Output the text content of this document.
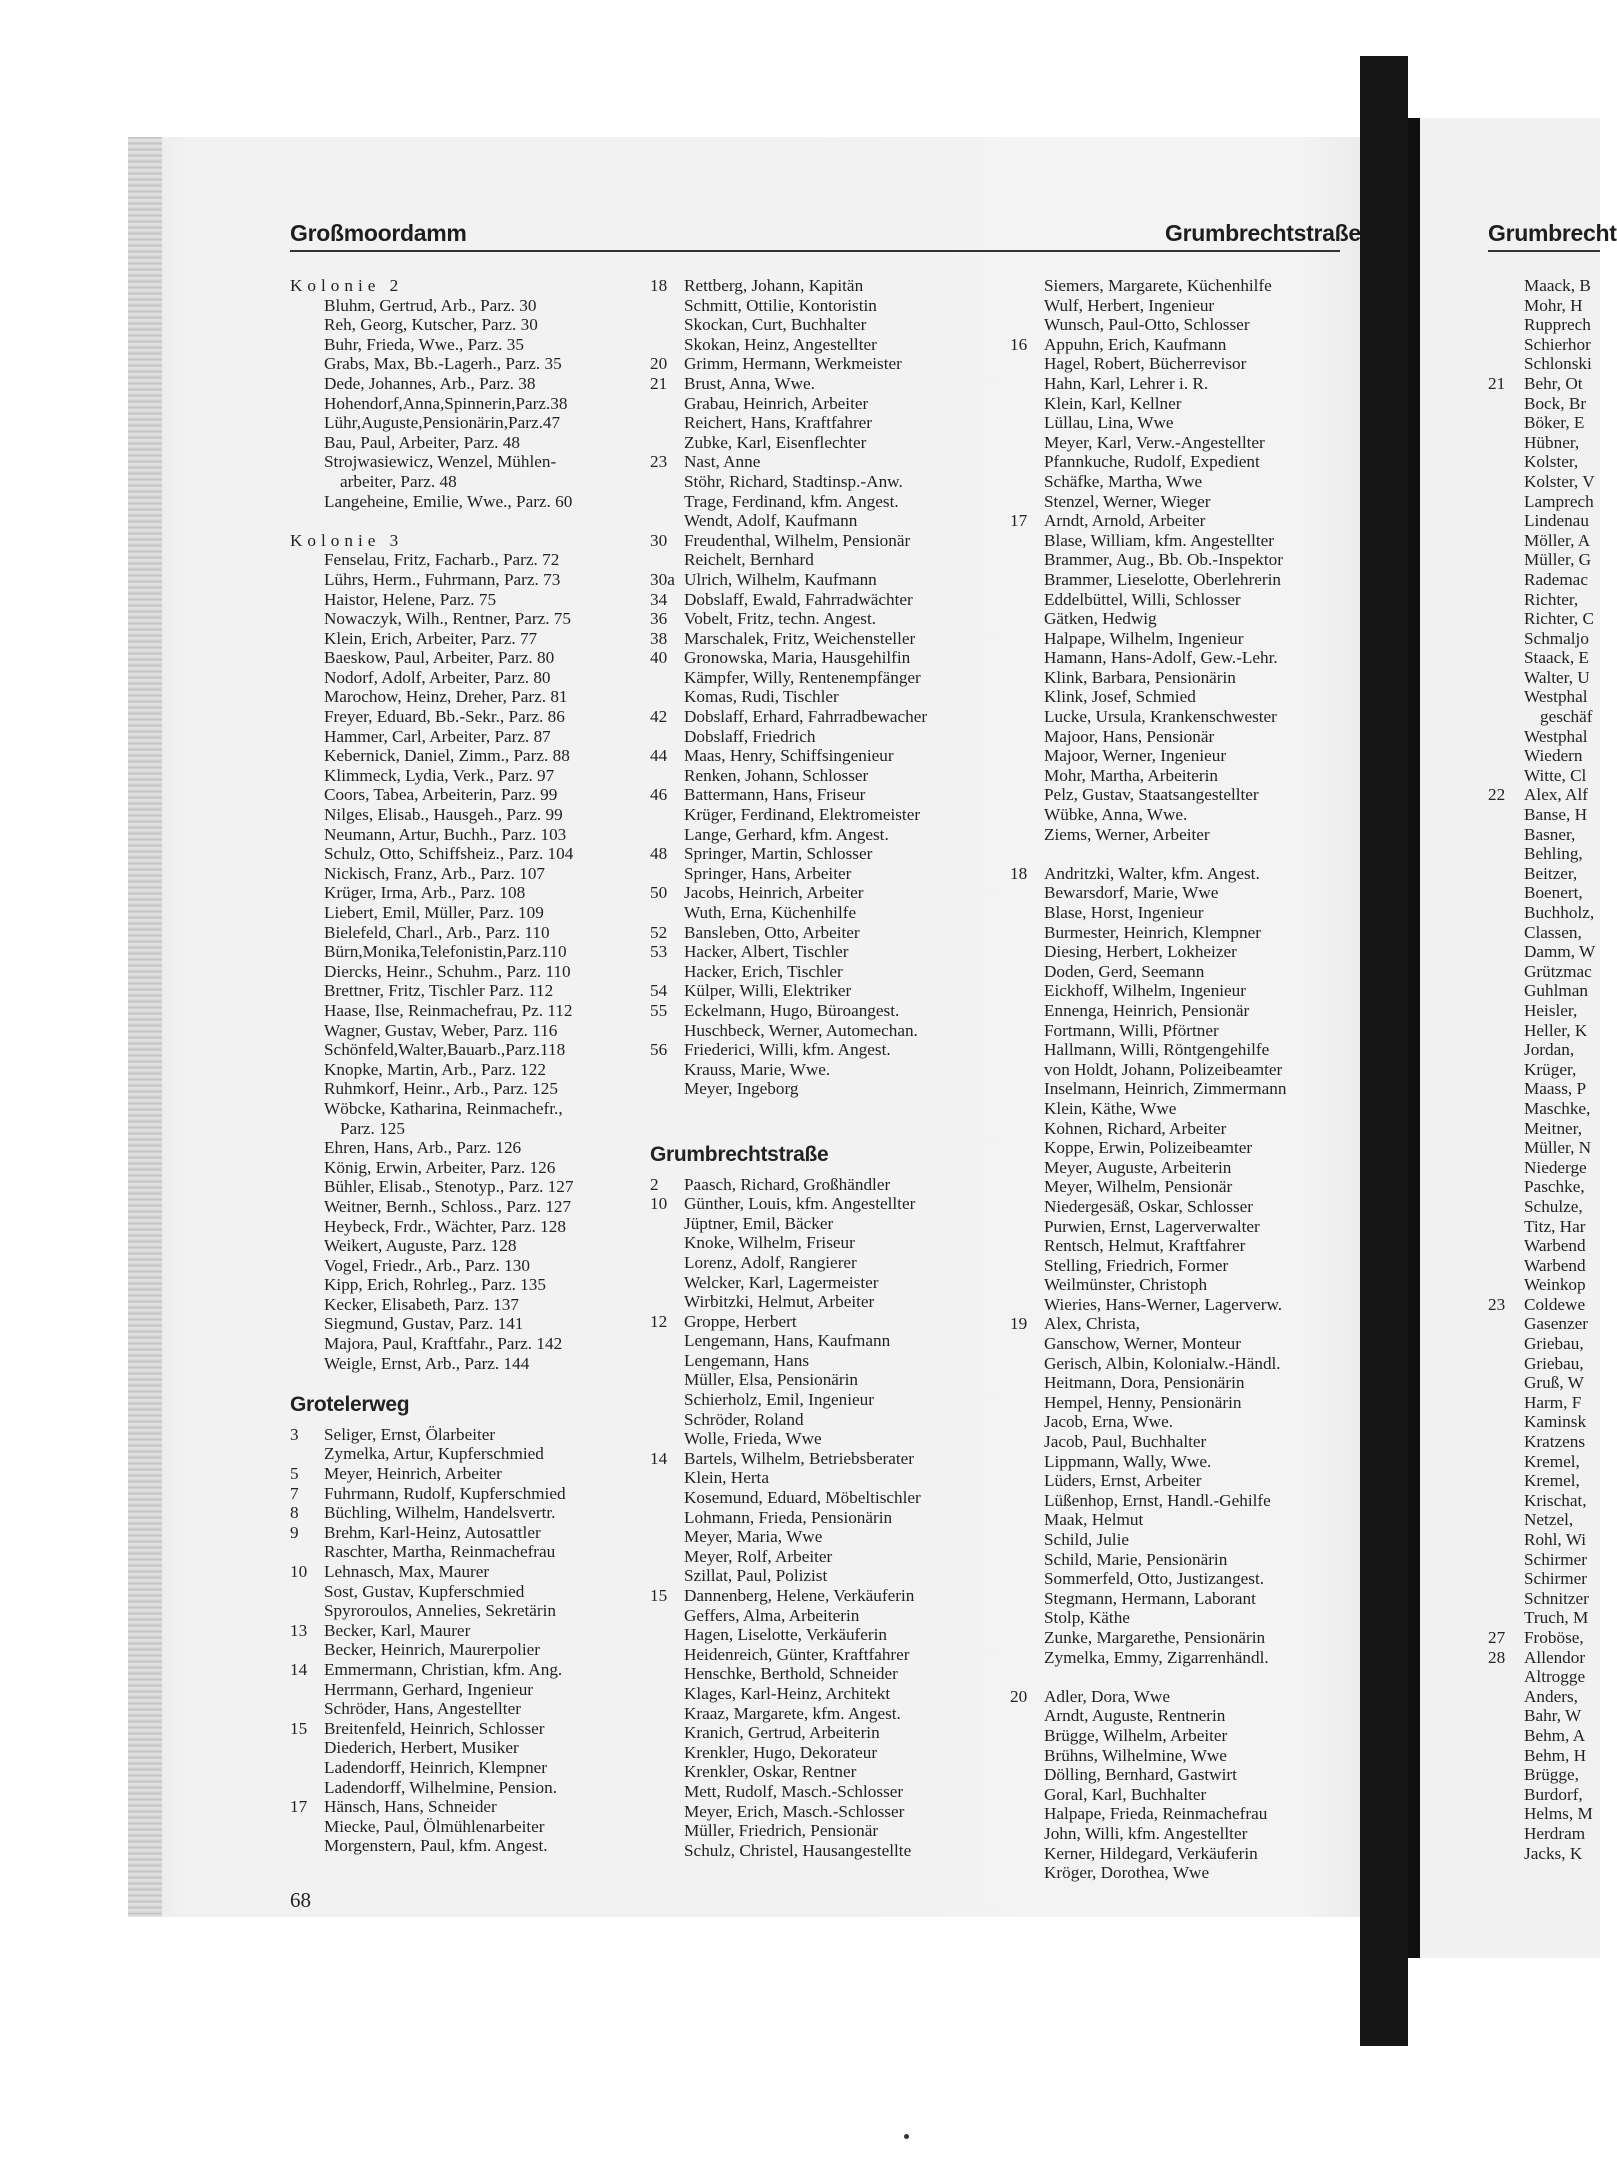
Großmoordamm	Grumbrechtstraße	Grumbrecht
Kolonie 2
Bluhm, Gertrud, Arb., Parz. 30
Reh, Georg, Kutscher, Parz. 30
Buhr, Frieda, Wwe., Parz. 35
Grabs, Max, Bb.-Lagerh., Parz. 35
Dede, Johannes, Arb., Parz. 38
Hohendorf,Anna,Spinnerin,Parz.38
Lühr,Auguste,Pensionärin,Parz.47
Bau, Paul, Arbeiter, Parz. 48
Strojwasiewicz, Wenzel, Mühlen-
arbeiter, Parz. 48
Langeheine, Emilie, Wwe., Parz. 60
Kolonie 3
Fenselau, Fritz, Facharb., Parz. 72
Lührs, Herm., Fuhrmann, Parz. 73
Haistor, Helene, Parz. 75
Nowaczyk, Wilh., Rentner, Parz. 75
Klein, Erich, Arbeiter, Parz. 77
Baeskow, Paul, Arbeiter, Parz. 80
Nodorf, Adolf, Arbeiter, Parz. 80
Marochow, Heinz, Dreher, Parz. 81
Freyer, Eduard, Bb.-Sekr., Parz. 86
Hammer, Carl, Arbeiter, Parz. 87
Kebernick, Daniel, Zimm., Parz. 88
Klimmeck, Lydia, Verk., Parz. 97
Coors, Tabea, Arbeiterin, Parz. 99
Nilges, Elisab., Hausgeh., Parz. 99
Neumann, Artur, Buchh., Parz. 103
Schulz, Otto, Schiffsheiz., Parz. 104
Nickisch, Franz, Arb., Parz. 107
Krüger, Irma, Arb., Parz. 108
Liebert, Emil, Müller, Parz. 109
Bielefeld, Charl., Arb., Parz. 110
Bürn,Monika,Telefonistin,Parz.110
Diercks, Heinr., Schuhm., Parz. 110
Brettner, Fritz, Tischler Parz. 112
Haase, Ilse, Reinmachefrau, Pz. 112
Wagner, Gustav, Weber, Parz. 116
Schönfeld,Walter,Bauarb.,Parz.118
Knopke, Martin, Arb., Parz. 122
Ruhmkorf, Heinr., Arb., Parz. 125
Wöbcke, Katharina, Reinmachefr.,
Parz. 125
Ehren, Hans, Arb., Parz. 126
König, Erwin, Arbeiter, Parz. 126
Bühler, Elisab., Stenotyp., Parz. 127
Weitner, Bernh., Schloss., Parz. 127
Heybeck, Frdr., Wächter, Parz. 128
Weikert, Auguste, Parz. 128
Vogel, Friedr., Arb., Parz. 130
Kipp, Erich, Rohrleg., Parz. 135
Kecker, Elisabeth, Parz. 137
Siegmund, Gustav, Parz. 141
Majora, Paul, Kraftfahr., Parz. 142
Weigle, Ernst, Arb., Parz. 144
Grotelerweg
3	Seliger, Ernst, Ölarbeiter
Zymelka, Artur, Kupferschmied
5	Meyer, Heinrich, Arbeiter
7	Fuhrmann, Rudolf, Kupferschmied
8	Büchling, Wilhelm, Handelsvertr.
9	Brehm, Karl-Heinz, Autosattler
Raschter, Martha, Reinmachefrau
10 Lehnasch, Max, Maurer
Sost, Gustav, Kupferschmied
Spyroroulos, Annelies, Sekretärin
13 Becker, Karl, Maurer
Becker, Heinrich, Maurerpolier
14 Emmermann, Christian, kfm. Ang.
Herrmann, Gerhard, Ingenieur
Schröder, Hans, Angestellter
15 Breitenfeld, Heinrich, Schlosser
Diederich, Herbert, Musiker
Ladendorff, Heinrich, Klempner
Ladendorff, Wilhelmine, Pension.
17 Hänsch, Hans, Schneider
Miecke, Paul, Ölmühlenarbeiter
Morgenstern, Paul, kfm. Angest.
18 Rettberg, Johann, Kapitän
Schmitt, Ottilie, Kontoristin
Skockan, Curt, Buchhalter
Skokan, Heinz, Angestellter
20 Grimm, Hermann, Werkmeister
21 Brust, Anna, Wwe.
Grabau, Heinrich, Arbeiter
Reichert, Hans, Kraftfahrer
Zubke, Karl, Eisenflechter
23 Nast, Anne
Stöhr, Richard, Stadtinsp.-Anw.
Trage, Ferdinand, kfm. Angest.
Wendt, Adolf, Kaufmann
30 Freudenthal, Wilhelm, Pensionär
Reichelt, Bernhard
30a Ulrich, Wilhelm, Kaufmann
34 Dobslaff, Ewald, Fahrradwächter
36 Vobelt, Fritz, techn. Angest.
38 Marschalek, Fritz, Weichensteller
40 Gronowska, Maria, Hausgehilfin
Kämpfer, Willy, Rentenempfänger
Komas, Rudi, Tischler
42 Dobslaff, Erhard, Fahrradbewacher
Dobslaff, Friedrich
44 Maas, Henry, Schiffsingenieur
Renken, Johann, Schlosser
46 Battermann, Hans, Friseur
Krüger, Ferdinand, Elektromeister
Lange, Gerhard, kfm. Angest.
48 Springer, Martin, Schlosser
Springer, Hans, Arbeiter
50 Jacobs, Heinrich, Arbeiter
Wuth, Erna, Küchenhilfe
52 Bansleben, Otto, Arbeiter
53 Hacker, Albert, Tischler
Hacker, Erich, Tischler
54 Külper, Willi, Elektriker
55 Eckelmann, Hugo, Büroangest.
Huschbeck, Werner, Automechan.
56 Friederici, Willi, kfm. Angest.
Krauss, Marie, Wwe.
Meyer, Ingeborg
Grumbrechtstraße
2	Paasch, Richard, Großhändler
10 Günther, Louis, kfm. Angestellter
Jüptner, Emil, Bäcker
Knoke, Wilhelm, Friseur
Lorenz, Adolf, Rangierer
Welcker, Karl, Lagermeister
Wirbitzki, Helmut, Arbeiter
12 Groppe, Herbert
Lengemann, Hans, Kaufmann
Lengemann, Hans
Müller, Elsa, Pensionärin
Schierholz, Emil, Ingenieur
Schröder, Roland
Wolle, Frieda, Wwe
14 Bartels, Wilhelm, Betriebsberater
Klein, Herta
Kosemund, Eduard, Möbeltischler
Lohmann, Frieda, Pensionärin
Meyer, Maria, Wwe
Meyer, Rolf, Arbeiter
Szillat, Paul, Polizist
15 Dannenberg, Helene, Verkäuferin
Geffers, Alma, Arbeiterin
Hagen, Liselotte, Verkäuferin
Heidenreich, Günter, Kraftfahrer
Henschke, Berthold, Schneider
Klages, Karl-Heinz, Architekt
Kraaz, Margarete, kfm. Angest.
Kranich, Gertrud, Arbeiterin
Krenkler, Hugo, Dekorateur
Krenkler, Oskar, Rentner
Mett, Rudolf, Masch.-Schlosser
Meyer, Erich, Masch.-Schlosser
Müller, Friedrich, Pensionär
Schulz, Christel, Hausangestellte
Siemers, Margarete, Küchenhilfe
Wulf, Herbert, Ingenieur
Wunsch, Paul-Otto, Schlosser
16 Appuhn, Erich, Kaufmann
Hagel, Robert, Bücherrevisor
Hahn, Karl, Lehrer i. R.
Klein, Karl, Kellner
Lüllau, Lina, Wwe
Meyer, Karl, Verw.-Angestellter
Pfannkuche, Rudolf, Expedient
Schäfke, Martha, Wwe
Stenzel, Werner, Wieger
17 Arndt, Arnold, Arbeiter
Blase, William, kfm. Angestellter
Brammer, Aug., Bb. Ob.-Inspektor
Brammer, Lieselotte, Oberlehrerin
Eddelbüttel, Willi, Schlosser
Gätken, Hedwig
Halpape, Wilhelm, Ingenieur
Hamann, Hans-Adolf, Gew.-Lehr.
Klink, Barbara, Pensionärin
Klink, Josef, Schmied
Lucke, Ursula, Krankenschwester
Majoor, Hans, Pensionär
Majoor, Werner, Ingenieur
Mohr, Martha, Arbeiterin
Pelz, Gustav, Staatsangestellter
Wübke, Anna, Wwe.
Ziems, Werner, Arbeiter
18 Andritzki, Walter, kfm. Angest.
Bewarsdorf, Marie, Wwe
Blase, Horst, Ingenieur
Burmester, Heinrich, Klempner
Diesing, Herbert, Lokheizer
Doden, Gerd, Seemann
Eickhoff, Wilhelm, Ingenieur
Ennenga, Heinrich, Pensionär
Fortmann, Willi, Pförtner
Hallmann, Willi, Röntgengehilfe
von Holdt, Johann, Polizeibeamter
Inselmann, Heinrich, Zimmermann
Klein, Käthe, Wwe
Kohnen, Richard, Arbeiter
Koppe, Erwin, Polizeibeamter
Meyer, Auguste, Arbeiterin
Meyer, Wilhelm, Pensionär
Niedergesäß, Oskar, Schlosser
Purwien, Ernst, Lagerverwalter
Rentsch, Helmut, Kraftfahrer
Stelling, Friedrich, Former
Weilmünster, Christoph
Wieries, Hans-Werner, Lagerverw.
19 Alex, Christa,
Ganschow, Werner, Monteur
Gerisch, Albin, Kolonialw.-Händl.
Heitmann, Dora, Pensionärin
Hempel, Henny, Pensionärin
Jacob, Erna, Wwe.
Jacob, Paul, Buchhalter
Lippmann, Wally, Wwe.
Lüders, Ernst, Arbeiter
Lüßenhop, Ernst, Handl.-Gehilfe
Maak, Helmut
Schild, Julie
Schild, Marie, Pensionärin
Sommerfeld, Otto, Justizangest.
Stegmann, Hermann, Laborant
Stolp, Käthe
Zunke, Margarethe, Pensionärin
Zymelka, Emmy, Zigarrenhändl.
20 Adler, Dora, Wwe
Arndt, Auguste, Rentnerin
Brügge, Wilhelm, Arbeiter
Brühns, Wilhelmine, Wwe
Dölling, Bernhard, Gastwirt
Goral, Karl, Buchhalter
Halpape, Frieda, Reinmachefrau
John, Willi, kfm. Angestellter
Kerner, Hildegard, Verkäuferin
Kröger, Dorothea, Wwe
Maack, B
Mohr, H
Rupprech
Schierhor
Schlonski
21	Behr, Ot
Bock, Br
Böker, E
Hübner,
Kolster,
Kolster, V
Lamprech
Lindenau
Möller, A
Müller, G
Rademac
Richter,
Richter, C
Schmaljo
Staack, E
Walter, U
Westphal
geschäf
Westphal
Wiedern
Witte, Cl
22	Alex, Alf
Banse, H
Basner,
Behling,
Beitzer,
Boenert,
Buchholz,
Classen,
Damm, W
Grützmac
Guhlman
Heisler,
Heller, K
Jordan,
Krüger,
Maass, P
Maschke,
Meitner,
Müller, N
Niederge
Paschke,
Schulze,
Titz, Har
Warbend
Warbend
Weinkop
23	Coldewe
Gasenzer
Griebau,
Griebau,
Gruß, W
Harm, F
Kaminsk
Kratzens
Kremel,
Kremel,
Krischat,
Netzel,
Rohl, Wi
Schirmer
Schirmer
Schnitzer
Truch, M
27	Froböse,
28	Allendor
Altrogge
Anders,
Bahr, W
Behm, A
Behm, H
Brügge,
Burdorf,
Helms, M
Herdram
Jacks, K
68
